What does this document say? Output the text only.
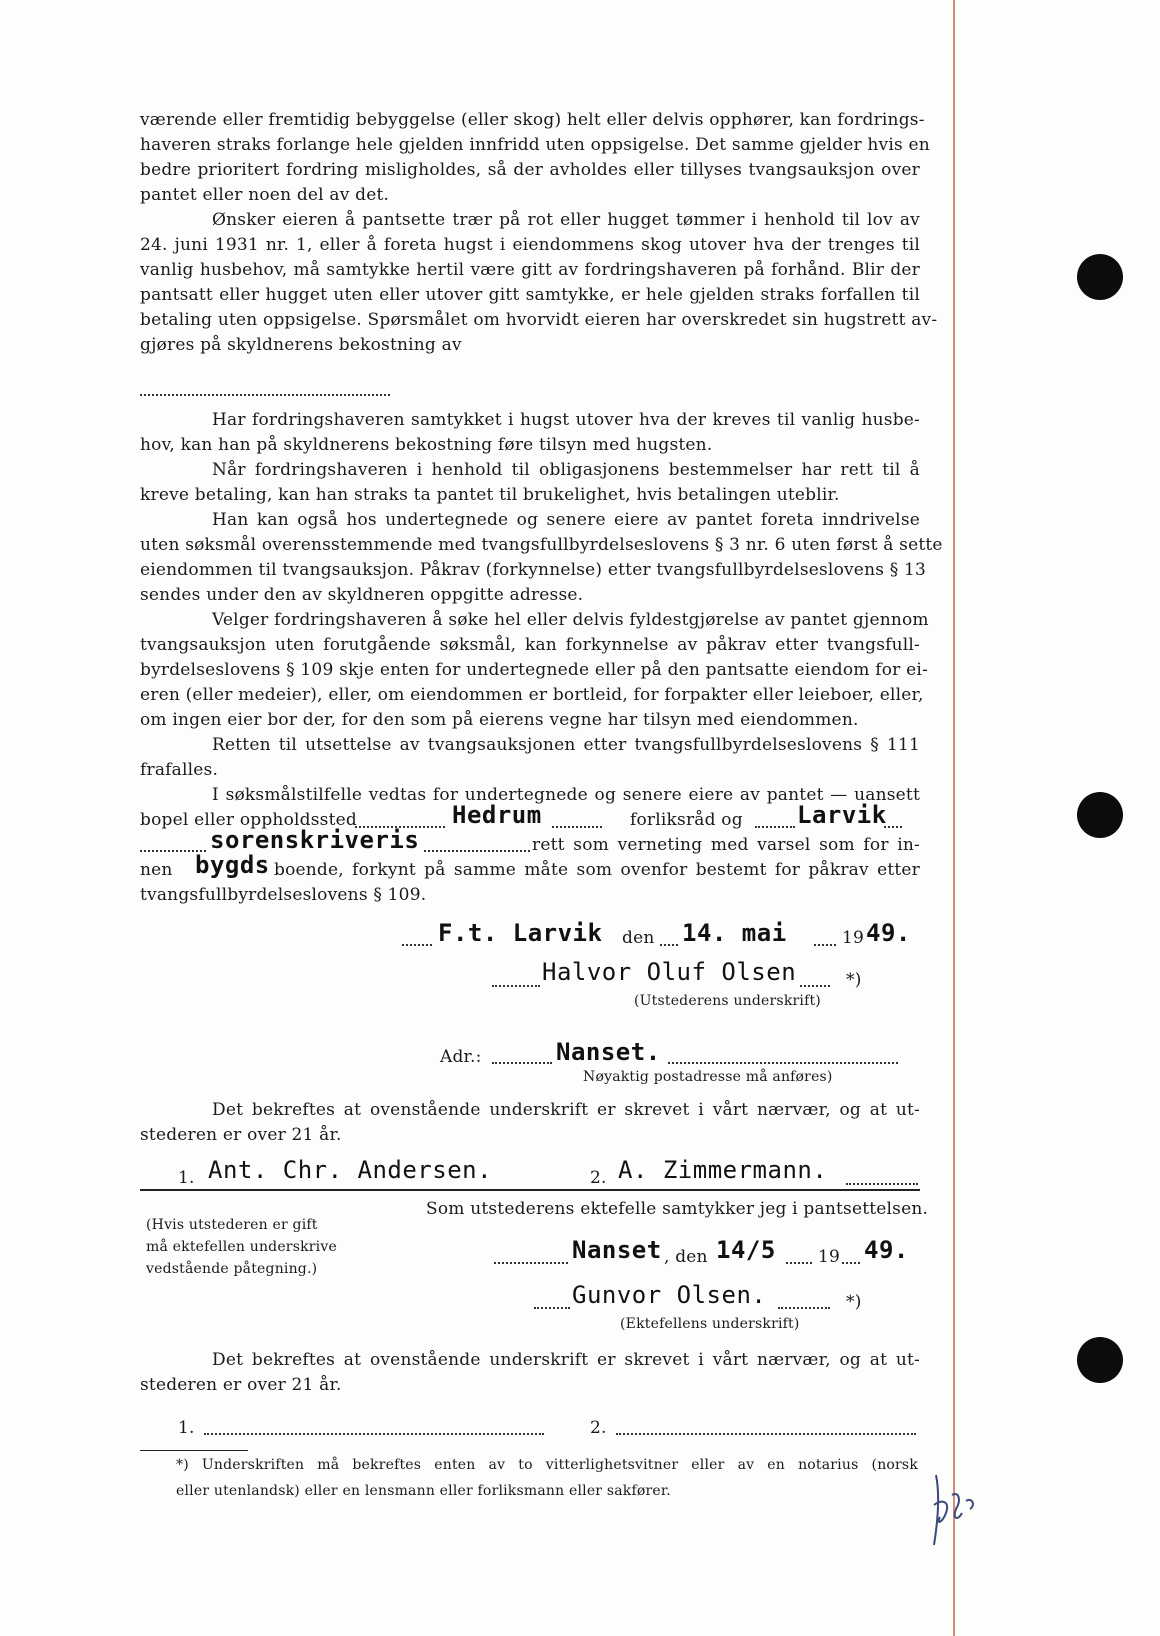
værende eller fremtidig bebyggelse (eller skog) helt eller delvis opphører, kan fordrings-
haveren straks forlange hele gjelden innfridd uten oppsigelse. Det samme gjelder hvis en
bedre prioritert fordring misligholdes, så der avholdes eller tillyses tvangsauksjon over
pantet eller noen del av det.
Ønsker eieren å pantsette trær på rot eller hugget tømmer i henhold til lov av
24. juni 1931 nr. 1, eller å foreta hugst i eiendommens skog utover hva der trenges til
vanlig husbehov, må samtykke hertil være gitt av fordringshaveren på forhånd. Blir der
pantsatt eller hugget uten eller utover gitt samtykke, er hele gjelden straks forfallen til
betaling uten oppsigelse. Spørsmålet om hvorvidt eieren har overskredet sin hugstrett av-
gjøres på skyldnerens bekostning av
Har fordringshaveren samtykket i hugst utover hva der kreves til vanlig husbe-
hov, kan han på skyldnerens bekostning føre tilsyn med hugsten.
Når fordringshaveren i henhold til obligasjonens bestemmelser har rett til å
kreve betaling, kan han straks ta pantet til brukelighet, hvis betalingen uteblir.
Han kan også hos undertegnede og senere eiere av pantet foreta inndrivelse
uten søksmål overensstemmende med tvangsfullbyrdelseslovens § 3 nr. 6 uten først å sette
eiendommen til tvangsauksjon. Påkrav (forkynnelse) etter tvangsfullbyrdelseslovens § 13
sendes under den av skyldneren oppgitte adresse.
Velger fordringshaveren å søke hel eller delvis fyldestgjørelse av pantet gjennom
tvangsauksjon uten forutgående søksmål, kan forkynnelse av påkrav etter tvangsfull-
byrdelseslovens § 109 skje enten for undertegnede eller på den pantsatte eiendom for ei-
eren (eller medeier), eller, om eiendommen er bortleid, for forpakter eller leieboer, eller,
om ingen eier bor der, for den som på eierens vegne har tilsyn med eiendommen.
Retten til utsettelse av tvangsauksjonen etter tvangsfullbyrdelseslovens § 111
frafalles.
I søksmålstilfelle vedtas for undertegnede og senere eiere av pantet — uansett
bopel eller oppholdssted	Hedrum	forliksråd og Larvik
sorenskriveris	rett som verneting med varsel som for in-
nen bygds boende, forkynt på samme måte som ovenfor bestemt for påkrav etter
tvangsfullbyrdelseslovens § 109.
F.t. Larvik den 14. mai	19 49.
Halvor Oluf Olsen	*)
(Utstederens underskrift)
Adr.:	Nanset.
Nøyaktig postadresse må anføres)
Det bekreftes at ovenstående underskrift er skrevet i vårt nærvær, og at ut-
stederen er over 21 år.
1. Ant. Chr. Andersen.	2. A. Zimmermann.
Som utstederens ektefelle samtykker jeg i pantsettelsen.
(Hvis utstederen er gift
må ektefellen underskrive
vedstående påtegning.)
Nanset , den 14/5 19 49.
Gunvor Olsen.	*)
(Ektefellens underskrift)
Det bekreftes at ovenstående underskrift er skrevet i vårt nærvær, og at ut-
stederen er over 21 år.
1.	2.
*) Underskriften må bekreftes enten av to vitterlighetsvitner eller av en notarius (norsk
eller utenlandsk) eller en lensmann eller forliksmann eller sakfører.
